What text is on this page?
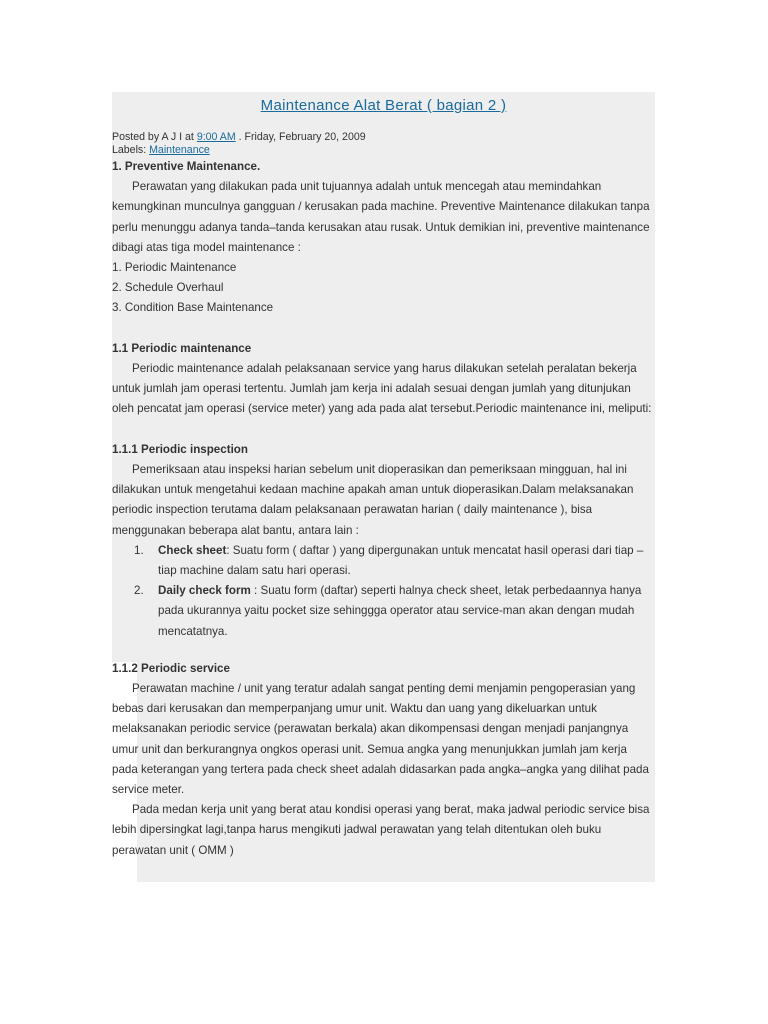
Maintenance Alat Berat ( bagian 2 )
Posted by A J I at 9:00 AM . Friday, February 20, 2009
Labels: Maintenance

1. Preventive Maintenance.

Perawatan yang dilakukan pada unit tujuannya adalah untuk mencegah atau memindahkan kemungkinan munculnya gangguan / kerusakan pada machine. Preventive Maintenance dilakukan tanpa perlu menunggu adanya tanda–tanda kerusakan atau rusak. Untuk demikian ini, preventive maintenance dibagi atas tiga model maintenance :

1. Periodic Maintenance

2. Schedule Overhaul

3. Condition Base Maintenance

1.1 Periodic maintenance

Periodic maintenance adalah pelaksanaan service yang harus dilakukan setelah peralatan bekerja untuk jumlah jam operasi tertentu. Jumlah jam kerja ini adalah sesuai dengan jumlah yang ditunjukan oleh pencatat jam operasi (service meter) yang ada pada alat tersebut.Periodic maintenance ini, meliputi:

1.1.1 Periodic inspection

Pemeriksaan atau inspeksi harian sebelum unit dioperasikan dan pemeriksaan mingguan, hal ini dilakukan untuk mengetahui kedaan machine apakah aman untuk dioperasikan.Dalam melaksanakan periodic inspection terutama dalam pelaksanaan perawatan harian ( daily maintenance ), bisa menggunakan beberapa alat bantu, antara lain :

1. Check sheet: Suatu form ( daftar ) yang dipergunakan untuk mencatat hasil operasi dari tiap – tiap machine dalam satu hari operasi.
2. Daily check form : Suatu form (daftar) seperti halnya check sheet, letak perbedaannya hanya pada ukurannya yaitu pocket size sehinggga operator atau service-man akan dengan mudah mencatatnya.

1.1.2 Periodic service

Perawatan machine / unit yang teratur adalah sangat penting demi menjamin pengoperasian yang bebas dari kerusakan dan memperpanjang umur unit. Waktu dan uang yang dikeluarkan untuk melaksanakan periodic service (perawatan berkala) akan dikompensasi dengan menjadi panjangnya umur unit dan berkurangnya ongkos operasi unit. Semua angka yang menunjukkan jumlah jam kerja pada keterangan yang tertera pada check sheet adalah didasarkan pada angka–angka yang dilihat pada service meter.

Pada medan kerja unit yang berat atau kondisi operasi yang berat, maka jadwal periodic service bisa lebih dipersingkat lagi,tanpa harus mengikuti jadwal perawatan yang telah ditentukan oleh buku perawatan unit ( OMM )
